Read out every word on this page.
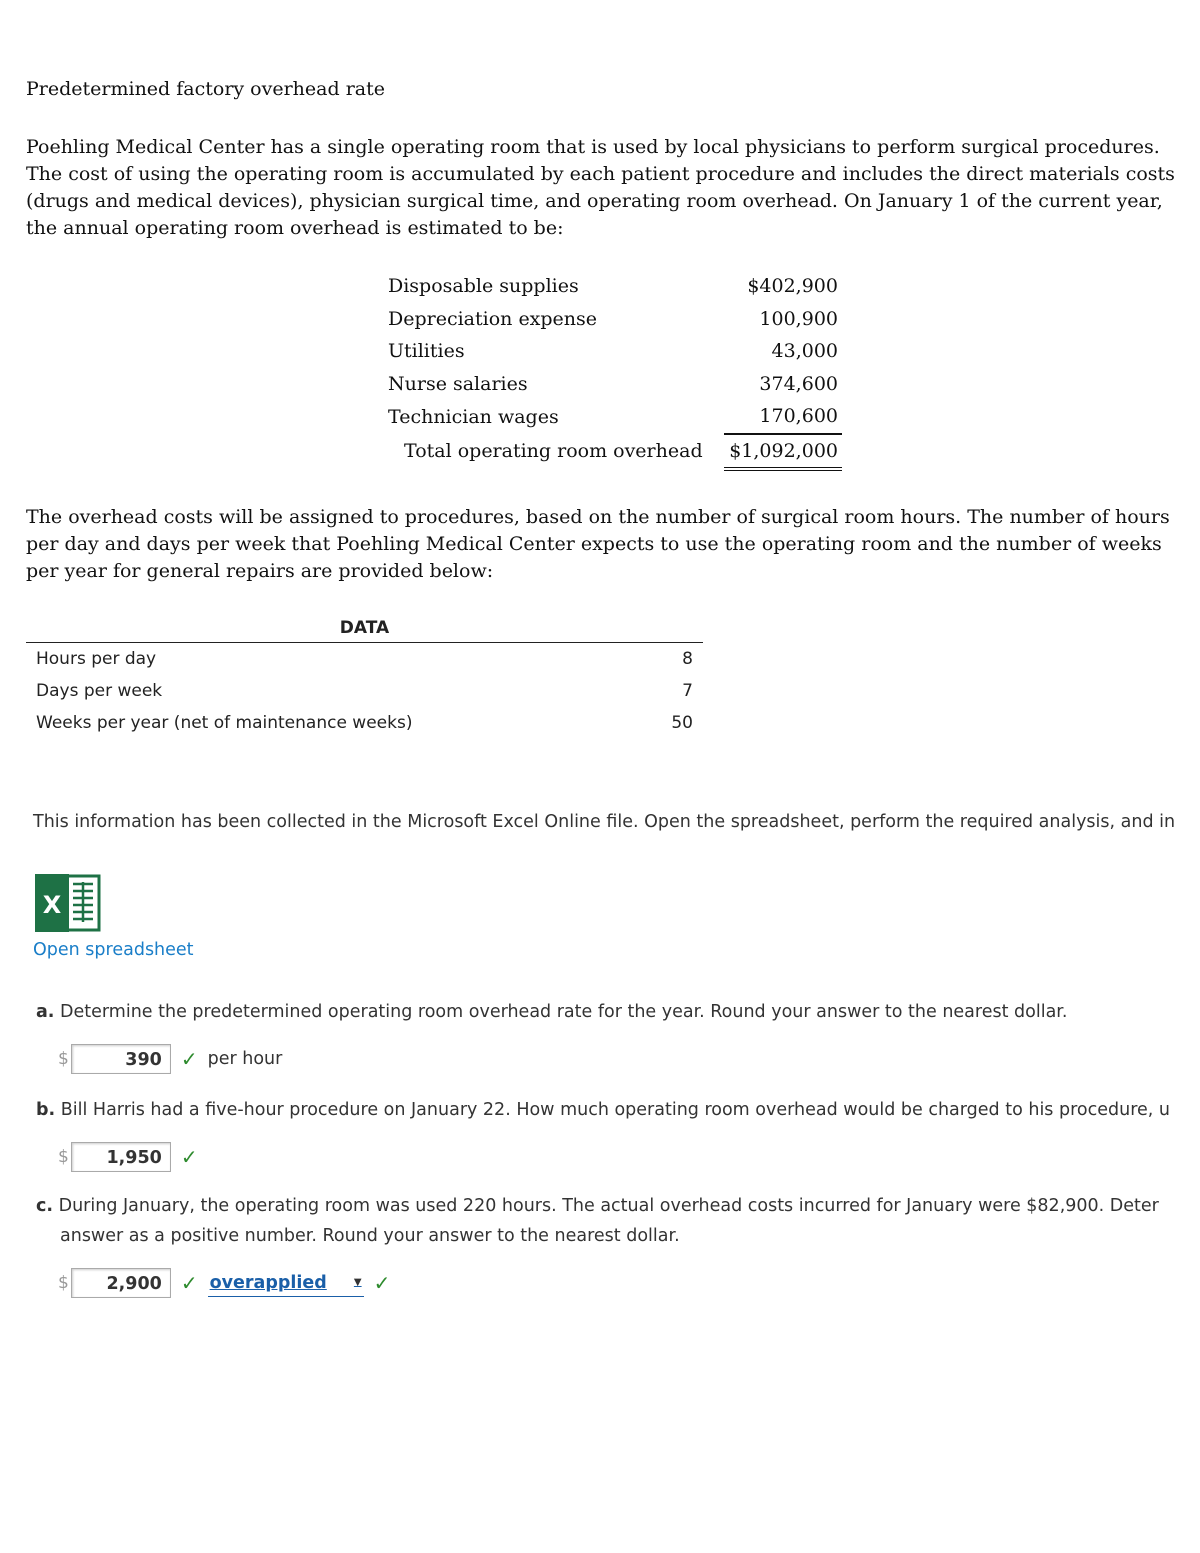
Predetermined factory overhead rate

Poehling Medical Center has a single operating room that is used by local physicians to perform surgical procedures. The cost of using the operating room is accumulated by each patient procedure and includes the direct materials costs (drugs and medical devices), physician surgical time, and operating room overhead. On January 1 of the current year, the annual operating room overhead is estimated to be:

Disposable supplies	$402,900
Depreciation expense	100,900
Utilities	43,000
Nurse salaries	374,600
Technician wages	170,600
Total operating room overhead	$1,092,000

The overhead costs will be assigned to procedures, based on the number of surgical room hours. The number of hours per day and days per week that Poehling Medical Center expects to use the operating room and the number of weeks per year for general repairs are provided below:

DATA	
Hours per day	8
Days per week	7
Weeks per year (net of maintenance weeks)	50
This information has been collected in the Microsoft Excel Online file. Open the spreadsheet, perform the required analysis, and in
X
Open spreadsheet
a. Determine the predetermined operating room overhead rate for the year. Round your answer to the nearest dollar.
$	390 ✓ per hour
b. Bill Harris had a five-hour procedure on January 22. How much operating room overhead would be charged to his procedure, u
$	1,950 ✓
c. During January, the operating room was used 220 hours. The actual overhead costs incurred for January were $82,900. Deter
answer as a positive number. Round your answer to the nearest dollar.
$	2,900 ✓ overapplied	▼ ✓
